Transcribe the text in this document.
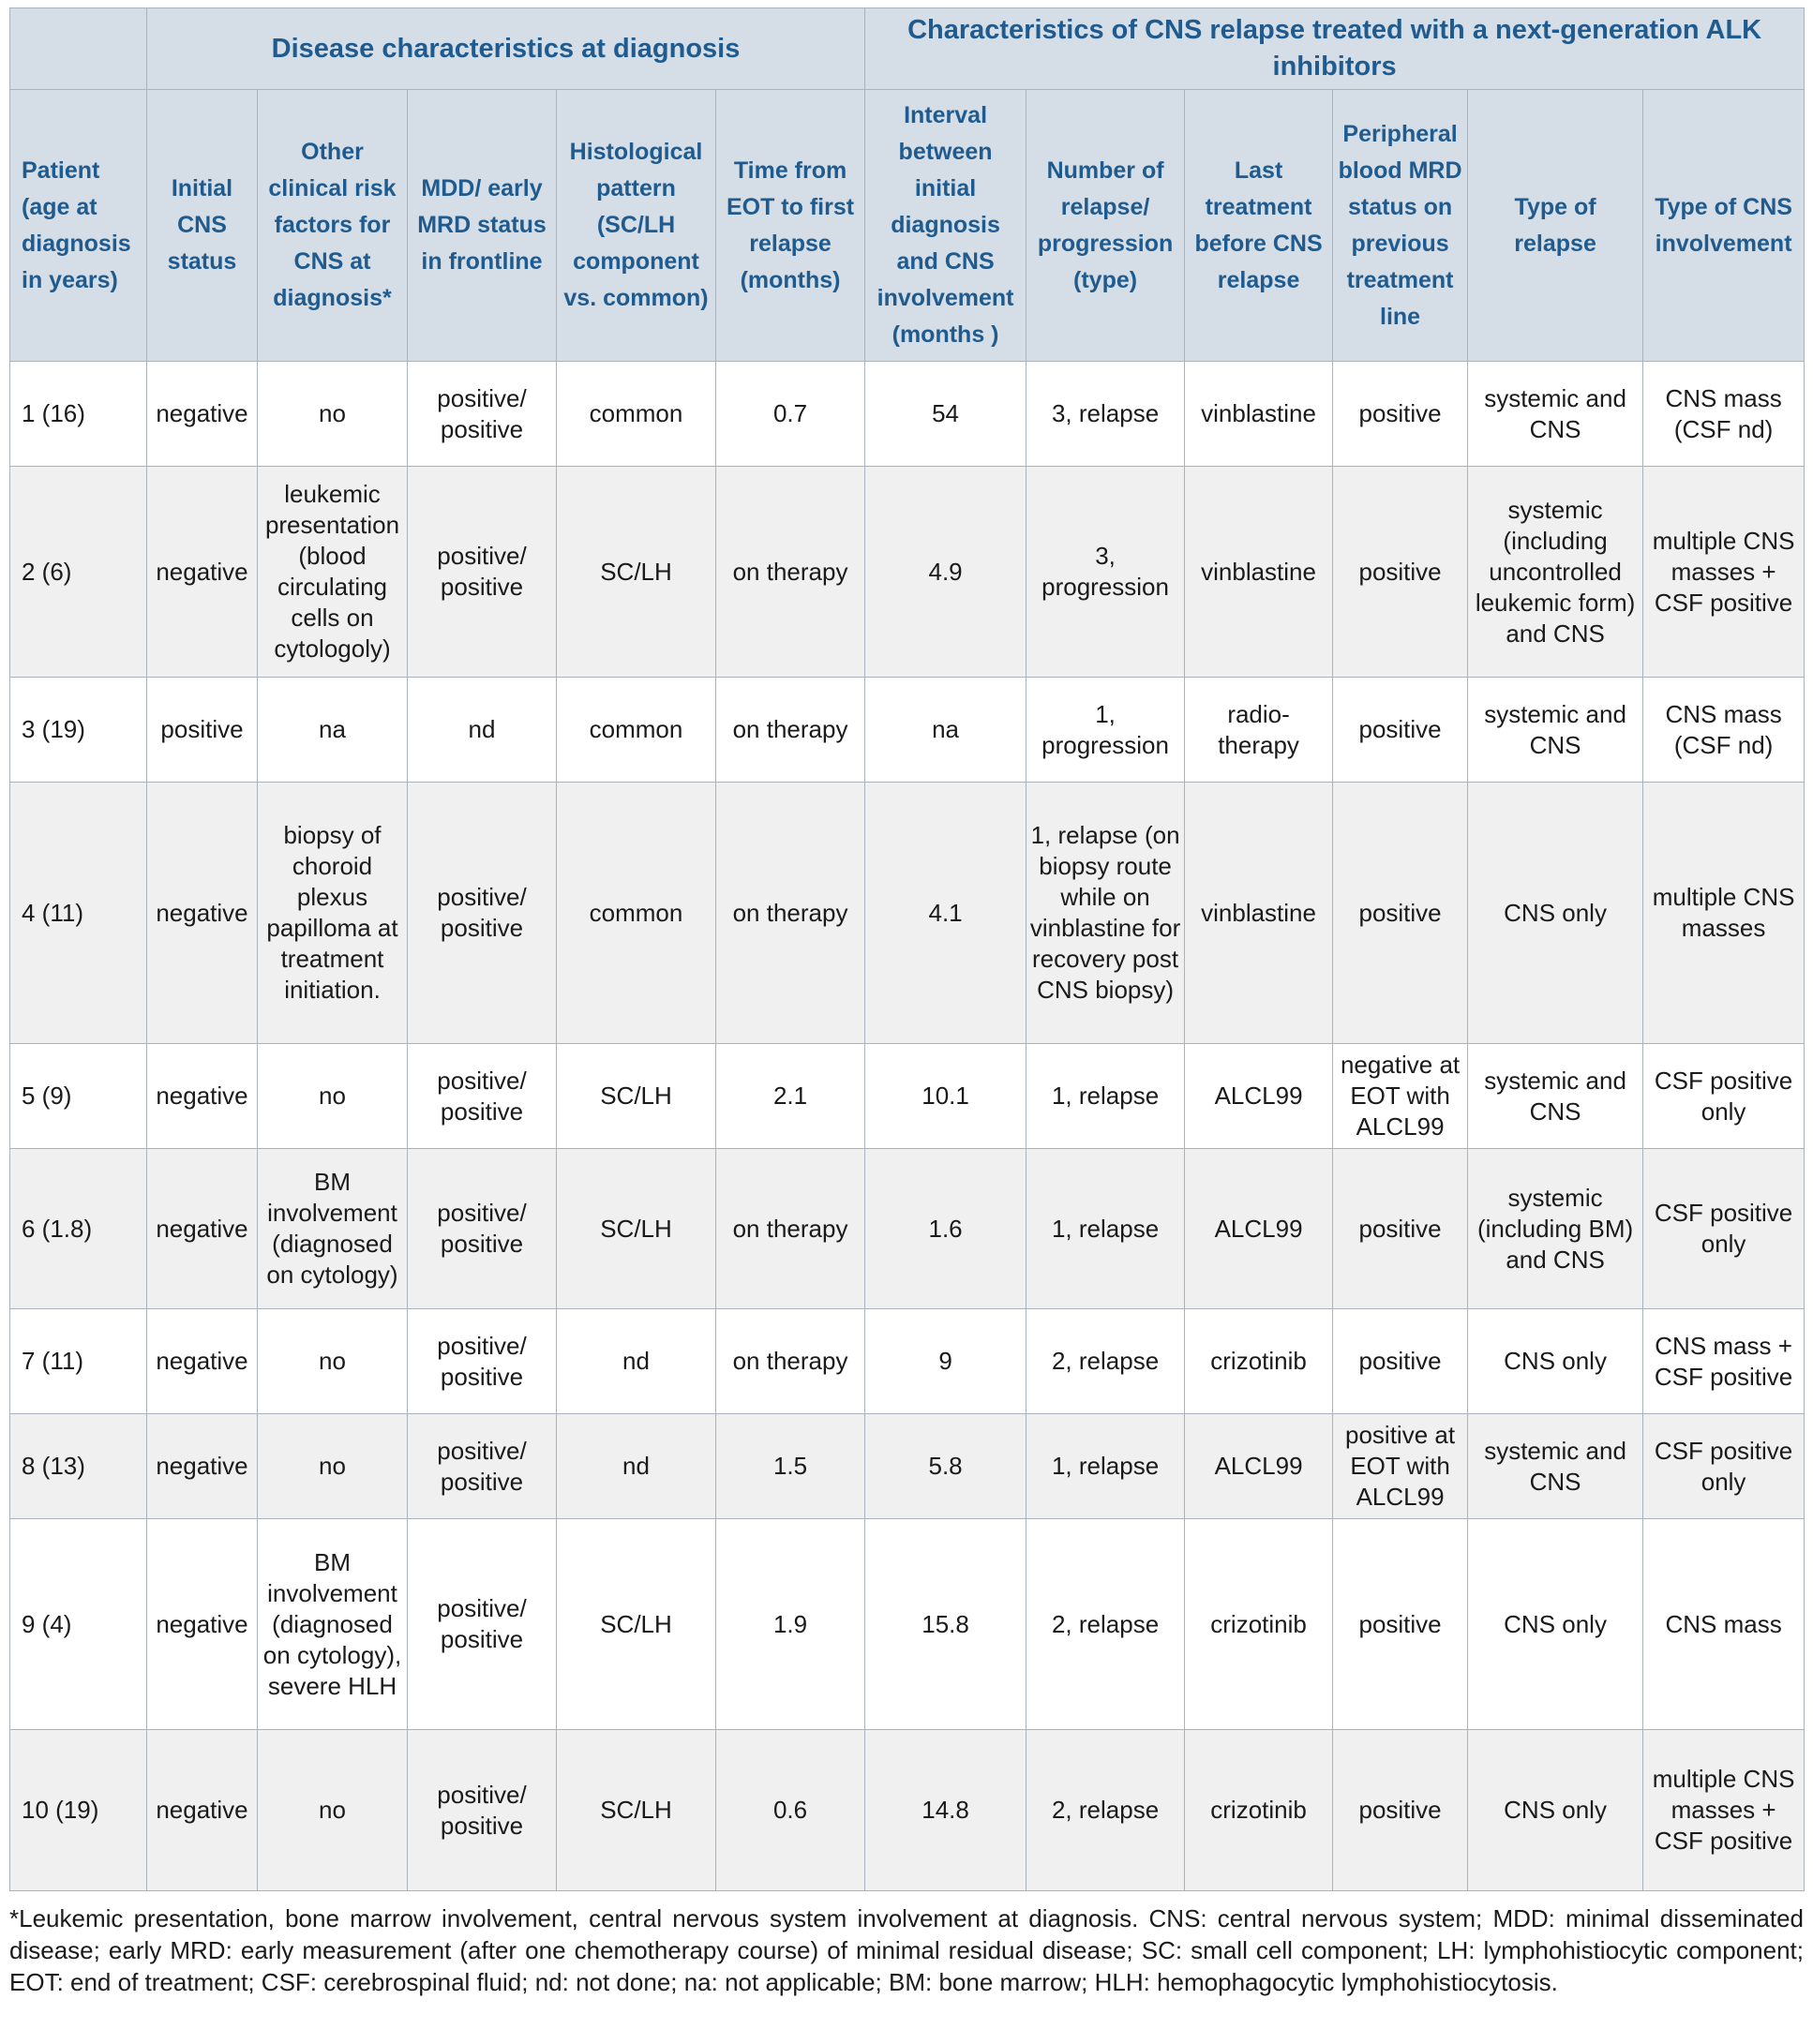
	Disease characteristics at diagnosis					Characteristics of CNS relapse treated with a next-generation ALK inhibitors					
Patient (age at diagnosis in years)	Initial CNS status	Other clinical risk factors for CNS at diagnosis*	MDD/ early MRD status in frontline	Histological pattern (SC/LH component vs. common)	Time from EOT to first relapse (months)	Interval between initial diagnosis and CNS involvement (months )	Number of relapse/ progression (type)	Last treatment before CNS relapse	Peripheral blood MRD status on previous treatment line	Type of relapse	Type of CNS involvement
1 (16)	negative	no	positive/ positive	common	0.7	54	3, relapse	vinblastine	positive	systemic and CNS	CNS mass (CSF nd)
2 (6)	negative	leukemic presentation (blood circulating cells on cytologoly)	positive/ positive	SC/LH	on therapy	4.9	3, progression	vinblastine	positive	systemic (including uncontrolled leukemic form) and CNS	multiple CNS masses + CSF positive
3 (19)	positive	na	nd	common	on therapy	na	1, progression	radio-therapy	positive	systemic and CNS	CNS mass (CSF nd)
4 (11)	negative	biopsy of choroid plexus papilloma at treatment initiation.	positive/ positive	common	on therapy	4.1	1, relapse (on biopsy route while on vinblastine for recovery post CNS biopsy)	vinblastine	positive	CNS only	multiple CNS masses
5 (9)	negative	no	positive/ positive	SC/LH	2.1	10.1	1, relapse	ALCL99	negative at EOT with ALCL99	systemic and CNS	CSF positive only
6 (1.8)	negative	BM involvement (diagnosed on cytology)	positive/ positive	SC/LH	on therapy	1.6	1, relapse	ALCL99	positive	systemic (including BM) and CNS	CSF positive only
7 (11)	negative	no	positive/ positive	nd	on therapy	9	2, relapse	crizotinib	positive	CNS only	CNS mass + CSF positive
8 (13)	negative	no	positive/ positive	nd	1.5	5.8	1, relapse	ALCL99	positive at EOT with ALCL99	systemic and CNS	CSF positive only
9 (4)	negative	BM involvement (diagnosed on cytology), severe HLH	positive/ positive	SC/LH	1.9	15.8	2, relapse	crizotinib	positive	CNS only	CNS mass
10 (19)	negative	no	positive/ positive	SC/LH	0.6	14.8	2, relapse	crizotinib	positive	CNS only	multiple CNS masses + CSF positive
*Leukemic presentation, bone marrow involvement, central nervous system involvement at diagnosis. CNS: central nervous system; MDD: minimal disseminated disease; early MRD: early measurement (after one chemotherapy course) of minimal residual disease; SC: small cell component; LH: lymphohistiocytic component; EOT: end of treatment; CSF: cerebrospinal fluid; nd: not done; na: not applicable; BM: bone marrow; HLH: hemophagocytic lymphohistiocytosis.
